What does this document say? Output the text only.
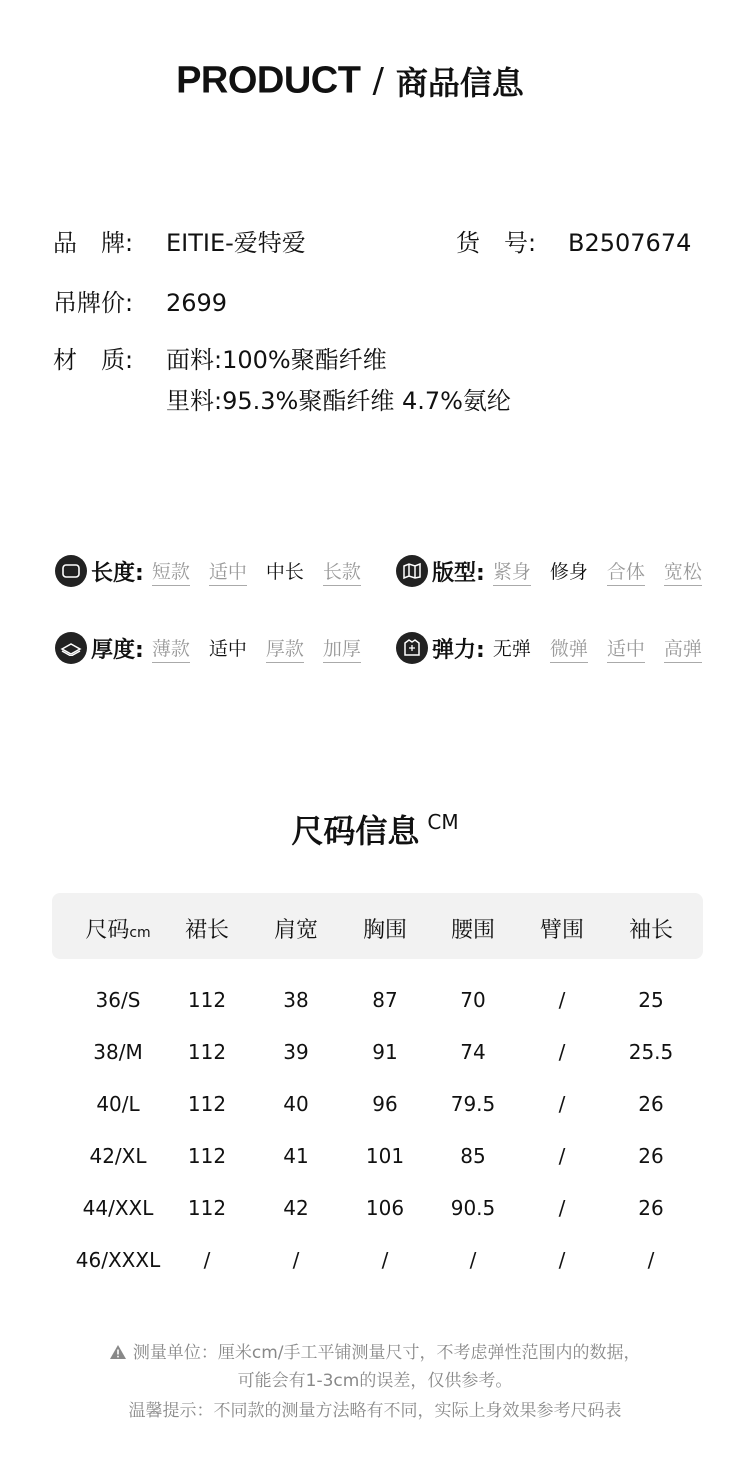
PRODUCT / 商品信息
品　牌: EITIE-爱特爱	货　号: B2507674
吊牌价: 2699
材　质: 面料:100%聚酯纤维
里料:95.3%聚酯纤维 4.7%氨纶
长度: 短款 适中 中长 长款	版型: 紧身 修身 合体 宽松
厚度: 薄款 适中 厚款 加厚	弹力: 无弹 微弹 适中 高弹
尺码信息 CM
尺码cm	裙长	肩宽	胸围	腰围	臂围	袖长
36/S	112	38	87	70	/	25
38/M	112	39	91	74	/	25.5
40/L	112	40	96	79.5	/	26
42/XL	112	41	101	85	/	26
44/XXL	112	42	106	90.5	/	26
46/XXXL	/	/	/	/	/	/
测量单位：厘米cm/手工平铺测量尺寸，不考虑弹性范围内的数据，
可能会有1-3cm的误差，仅供参考。
温馨提示：不同款的测量方法略有不同，实际上身效果参考尺码表
